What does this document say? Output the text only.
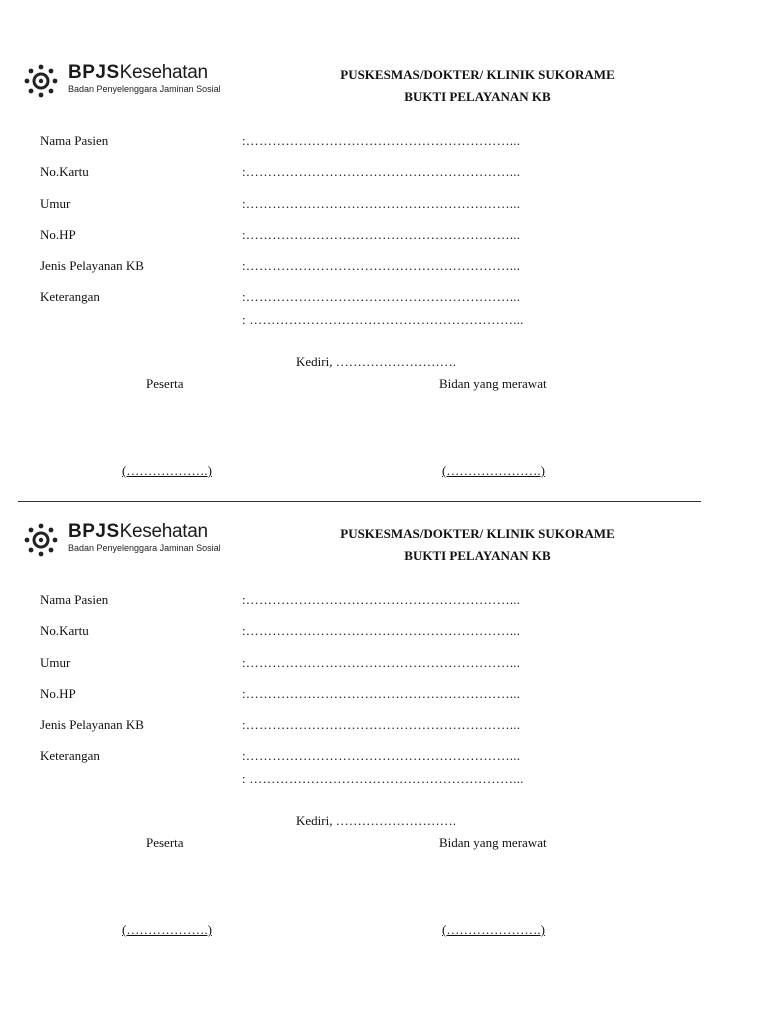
BPJSKesehatan
Badan Penyelenggara Jaminan Sosial
PUSKESMAS/DOKTER/ KLINIK SUKORAME
BUKTI PELAYANAN KB
Nama Pasien	:……………………………………………………...
No.Kartu	:……………………………………………………...
Umur	:……………………………………………………...
No.HP	:……………………………………………………...
Jenis Pelayanan KB	:……………………………………………………...
Keterangan	:……………………………………………………...
: ……………………………………………………...
Kediri, ……………………….
Peserta	Bidan yang merawat
(……………….)	(………………….)
BPJSKesehatan
Badan Penyelenggara Jaminan Sosial
PUSKESMAS/DOKTER/ KLINIK SUKORAME
BUKTI PELAYANAN KB
Nama Pasien	:……………………………………………………...
No.Kartu	:……………………………………………………...
Umur	:……………………………………………………...
No.HP	:……………………………………………………...
Jenis Pelayanan KB	:……………………………………………………...
Keterangan	:……………………………………………………...
: ……………………………………………………...
Kediri, ……………………….
Peserta	Bidan yang merawat
(……………….)	(………………….)
